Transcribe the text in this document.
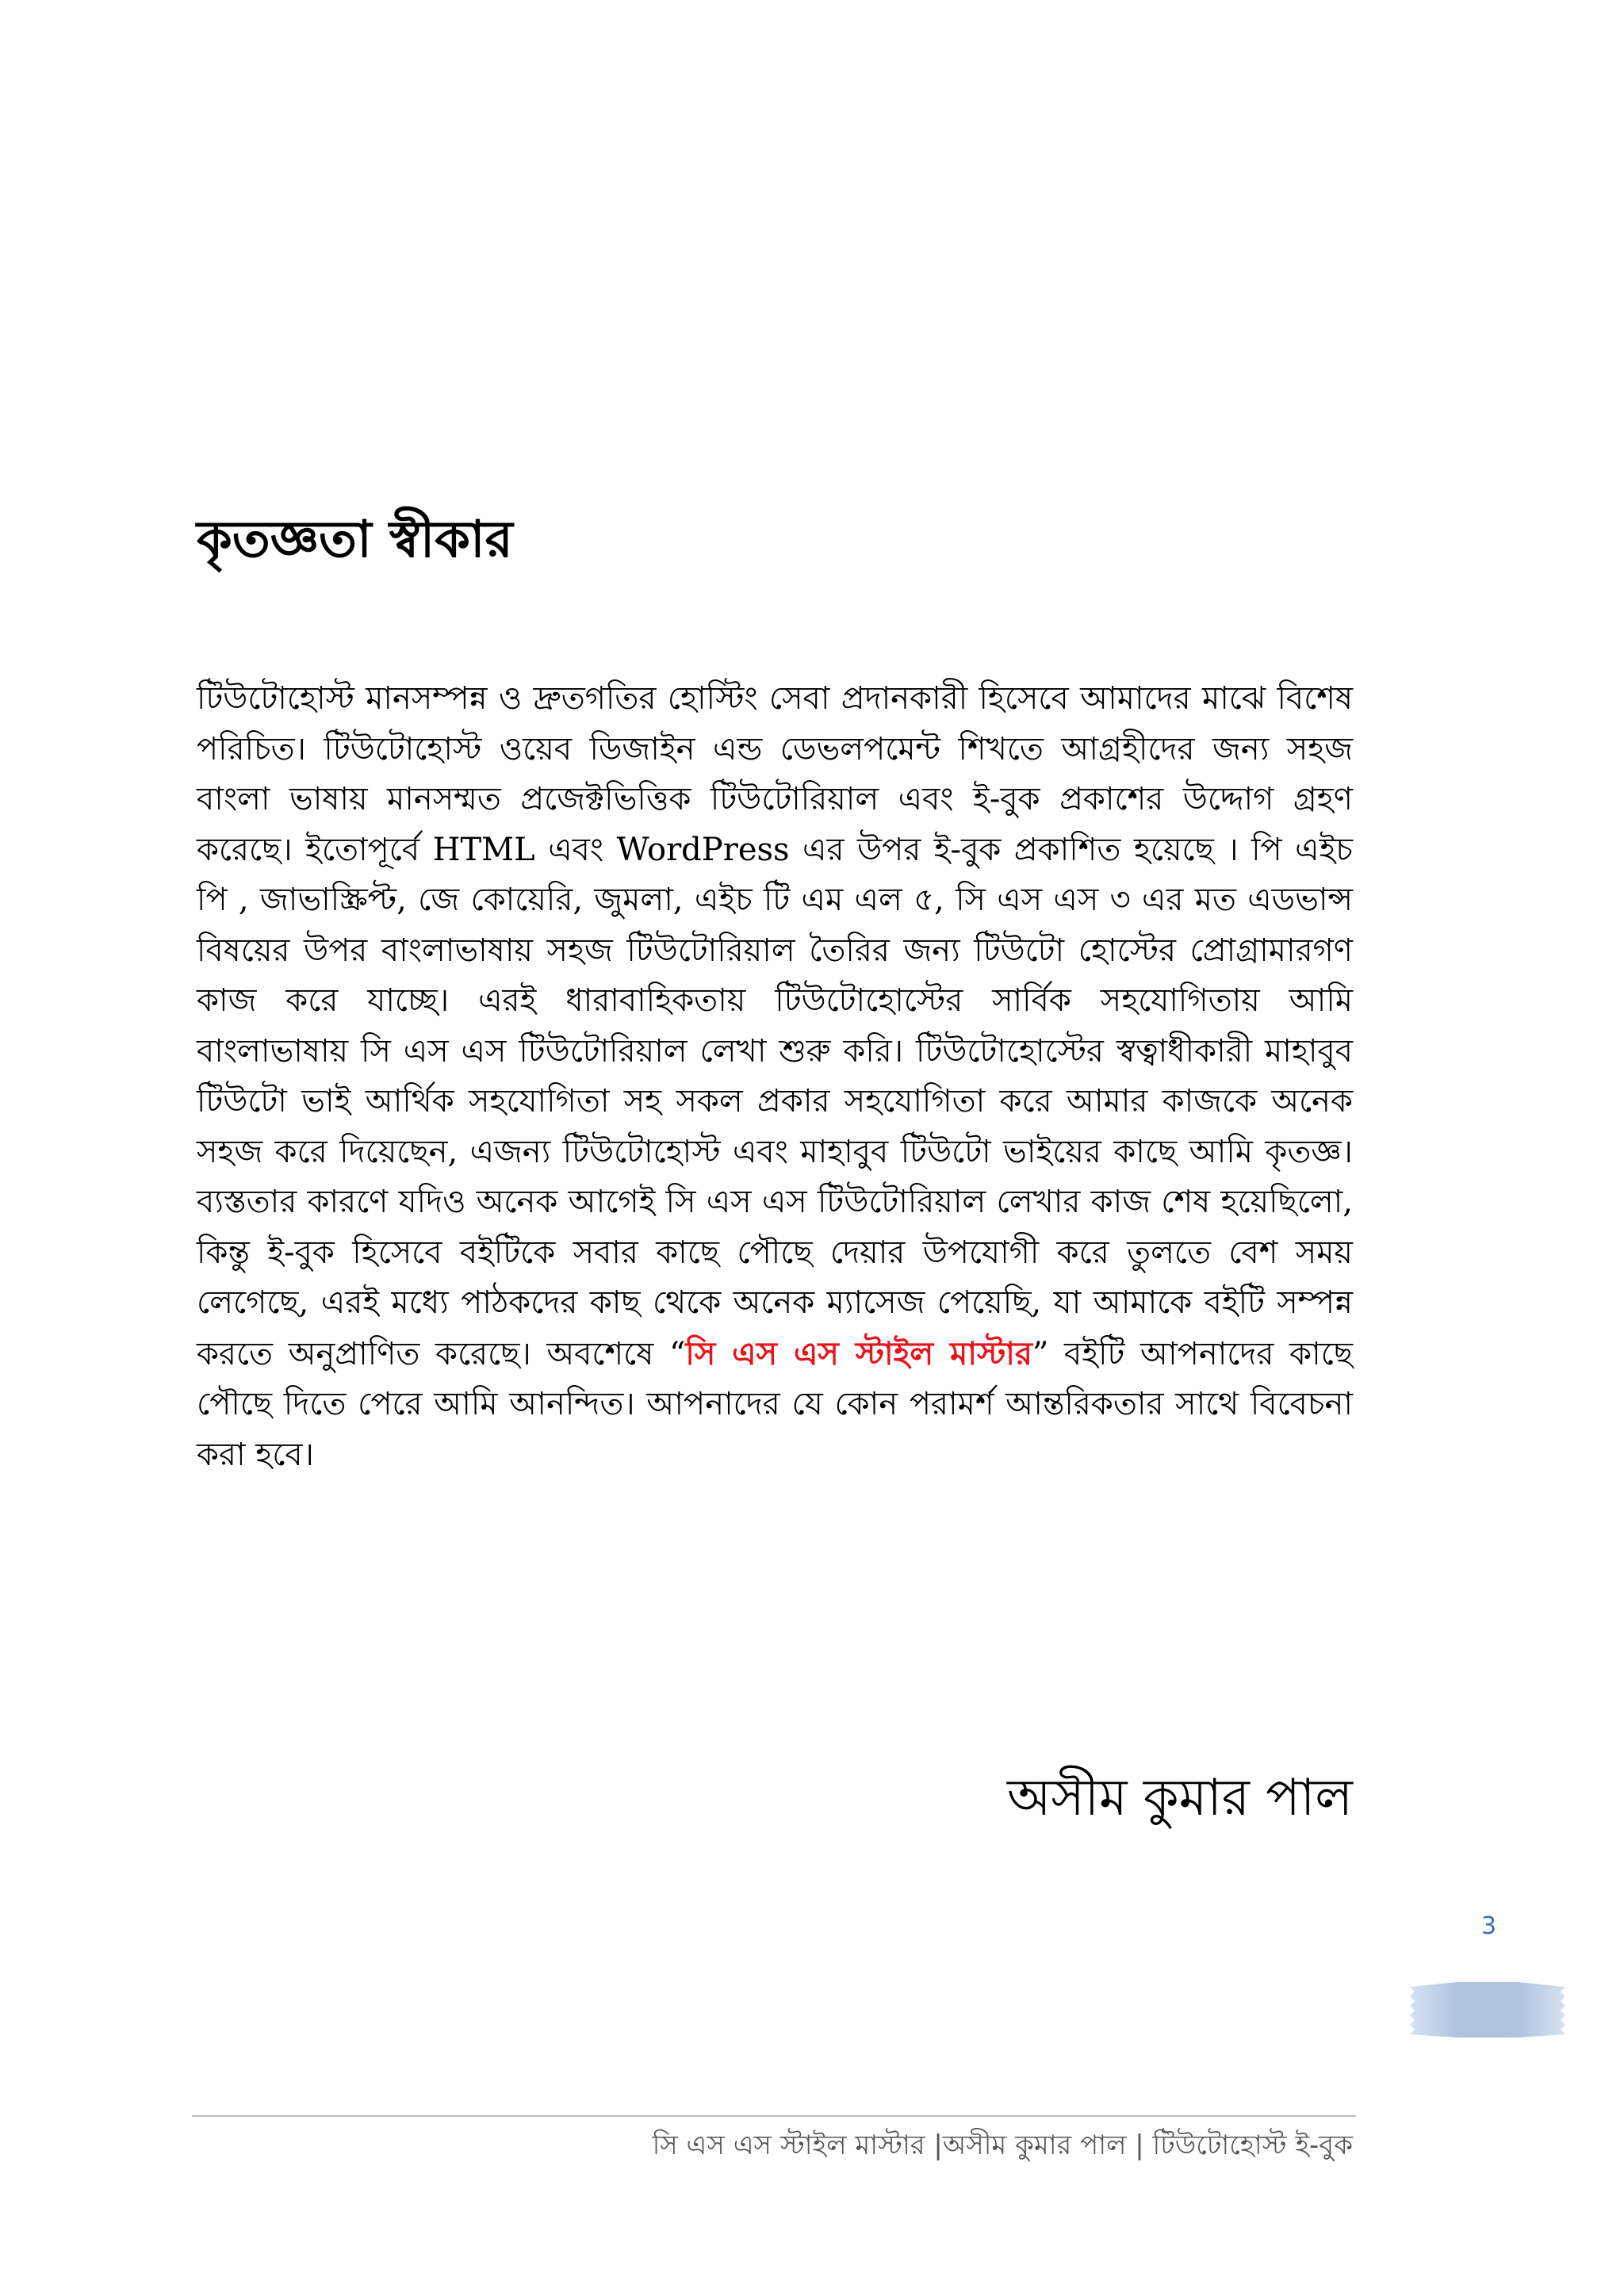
কৃতজ্ঞতা স্বীকার

টিউটোহোস্ট মানসম্পন্ন ও দ্রুতগতির হোস্টিং সেবা প্রদানকারী হিসেবে আমাদের মাঝে বিশেষ পরিচিত। টিউটোহোস্ট ওয়েব ডিজাইন এন্ড ডেভলপমেন্ট শিখতে আগ্রহীদের জন্য সহজ বাংলা ভাষায় মানসম্মত প্রজেক্টভিত্তিক টিউটোরিয়াল এবং ই-বুক প্রকাশের উদ্দোগ গ্রহণ করেছে। ইতোপূর্বে HTML এবং WordPress এর উপর ই-বুক প্রকাশিত হয়েছে । পি এইচ পি , জাভাস্ক্রিপ্ট, জে কোয়েরি, জুমলা, এইচ টি এম এল ৫, সি এস এস ৩ এর মত এডভান্স বিষয়ের উপর বাংলাভাষায় সহজ টিউটোরিয়াল তৈরির জন্য টিউটো হোস্টের প্রোগ্রামারগণ কাজ করে যাচ্ছে। এরই ধারাবাহিকতায় টিউটোহোস্টের সার্বিক সহযোগিতায় আমি বাংলাভাষায় সি এস এস টিউটোরিয়াল লেখা শুরু করি। টিউটোহোস্টের স্বত্বাধীকারী মাহাবুব টিউটো ভাই আর্থিক সহযোগিতা সহ সকল প্রকার সহযোগিতা করে আমার কাজকে অনেক সহজ করে দিয়েছেন, এজন্য টিউটোহোস্ট এবং মাহাবুব টিউটো ভাইয়ের কাছে আমি কৃতজ্ঞ। ব্যস্ততার কারণে যদিও অনেক আগেই সি এস এস টিউটোরিয়াল লেখার কাজ শেষ হয়েছিলো, কিন্তু ই-বুক হিসেবে বইটিকে সবার কাছে পৌছে দেয়ার উপযোগী করে তুলতে বেশ সময় লেগেছে, এরই মধ্যে পাঠকদের কাছ থেকে অনেক ম্যাসেজ পেয়েছি, যা আমাকে বইটি সম্পন্ন করতে অনুপ্রাণিত করেছে। অবশেষে “সি এস এস স্টাইল মাস্টার” বইটি আপনাদের কাছে পৌছে দিতে পেরে আমি আনন্দিত। আপনাদের যে কোন পরামর্শ আন্তরিকতার সাথে বিবেচনা করা হবে।

অসীম কুমার পাল
3
সি এস এস স্টাইল মাস্টার |অসীম কুমার পাল | টিউটোহোস্ট ই-বুক
